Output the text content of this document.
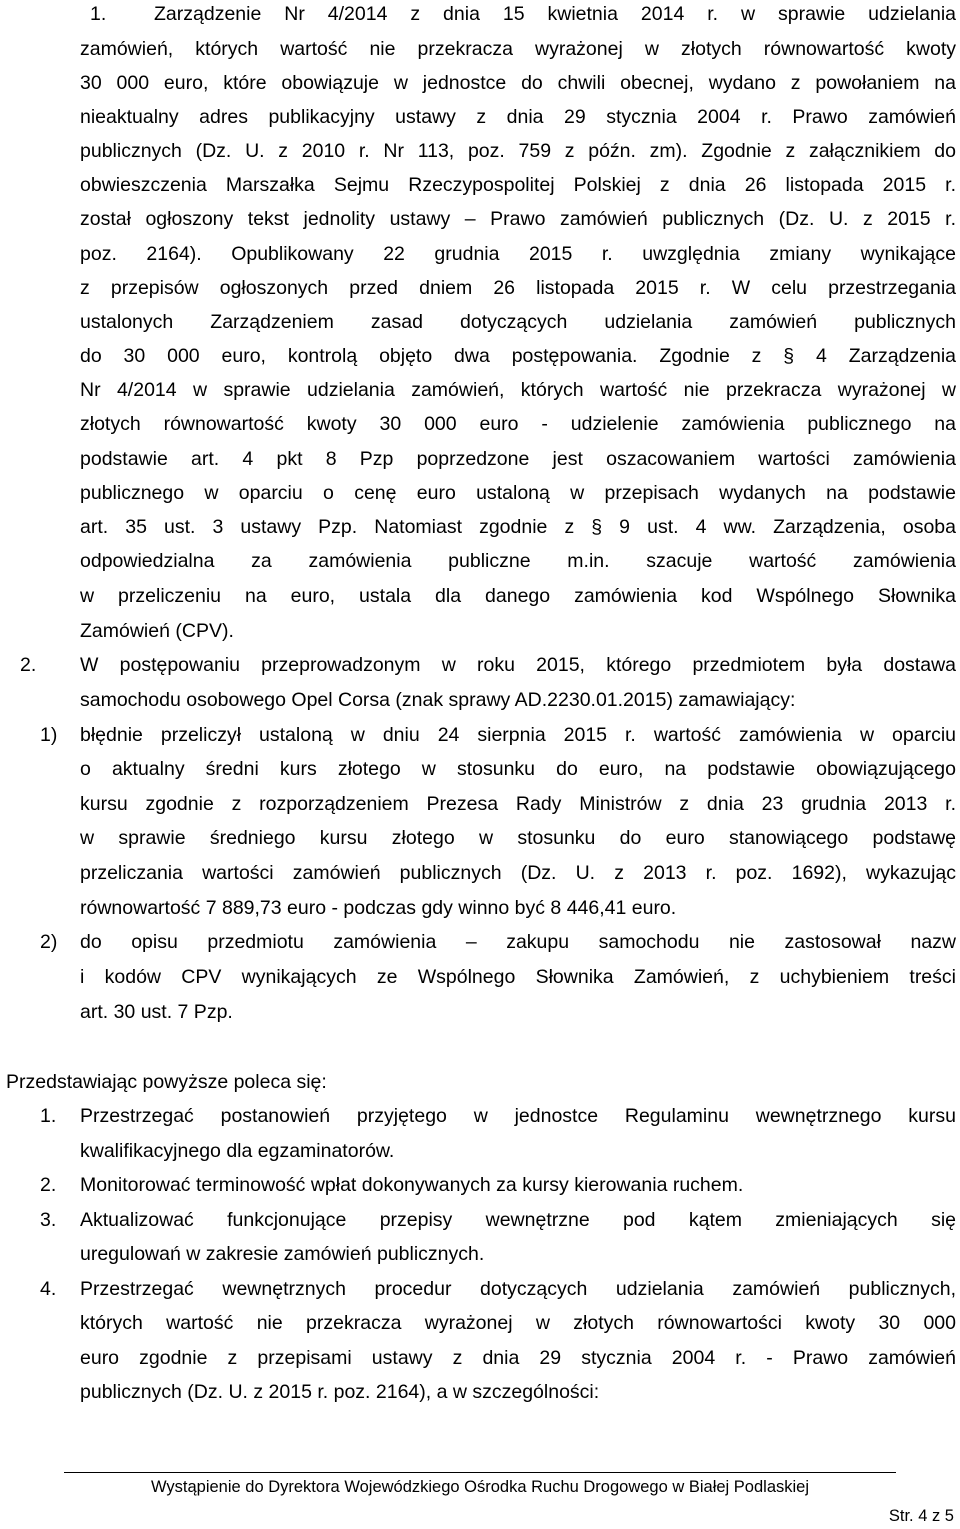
1. Zarządzenie Nr 4/2014 z dnia 15 kwietnia 2014 r. w sprawie udzielania
zamówień, których wartość nie przekracza wyrażonej w złotych równowartość kwoty
30 000 euro, które obowiązuje w jednostce do chwili obecnej, wydano z powołaniem na
nieaktualny adres publikacyjny ustawy z dnia 29 stycznia 2004 r. Prawo zamówień
publicznych (Dz. U. z 2010 r. Nr 113, poz. 759 z późn. zm). Zgodnie z załącznikiem do
obwieszczenia Marszałka Sejmu Rzeczypospolitej Polskiej z dnia 26 listopada 2015 r.
został ogłoszony tekst jednolity ustawy – Prawo zamówień publicznych (Dz. U. z 2015 r.
poz. 2164). Opublikowany 22 grudnia 2015 r. uwzględnia zmiany wynikające
z przepisów ogłoszonych przed dniem 26 listopada 2015 r. W celu przestrzegania
ustalonych Zarządzeniem zasad dotyczących udzielania zamówień publicznych
do 30 000 euro, kontrolą objęto dwa postępowania. Zgodnie z § 4 Zarządzenia
Nr 4/2014 w sprawie udzielania zamówień, których wartość nie przekracza wyrażonej w
złotych równowartość kwoty 30 000 euro - udzielenie zamówienia publicznego na
podstawie art. 4 pkt 8 Pzp poprzedzone jest oszacowaniem wartości zamówienia
publicznego w oparciu o cenę euro ustaloną w przepisach wydanych na podstawie
art. 35 ust. 3 ustawy Pzp. Natomiast zgodnie z § 9 ust. 4 ww. Zarządzenia, osoba
odpowiedzialna za zamówienia publiczne m.in. szacuje wartość zamówienia
w przeliczeniu na euro, ustala dla danego zamówienia kod Wspólnego Słownika
Zamówień (CPV).
2. W postępowaniu przeprowadzonym w roku 2015, którego przedmiotem była dostawa
samochodu osobowego Opel Corsa (znak sprawy AD.2230.01.2015) zamawiający:
1) błędnie przeliczył ustaloną w dniu 24 sierpnia 2015 r. wartość zamówienia w oparciu
o aktualny średni kurs złotego w stosunku do euro, na podstawie obowiązującego
kursu zgodnie z rozporządzeniem Prezesa Rady Ministrów z dnia 23 grudnia 2013 r.
w sprawie średniego kursu złotego w stosunku do euro stanowiącego podstawę
przeliczania wartości zamówień publicznych (Dz. U. z 2013 r. poz. 1692), wykazując
równowartość 7 889,73 euro - podczas gdy winno być 8 446,41 euro.
2) do opisu przedmiotu zamówienia – zakupu samochodu nie zastosował nazw
i kodów CPV wynikających ze Wspólnego Słownika Zamówień, z uchybieniem treści
art. 30 ust. 7 Pzp.
Przedstawiając powyższe poleca się:
1. Przestrzegać postanowień przyjętego w jednostce Regulaminu wewnętrznego kursu
kwalifikacyjnego dla egzaminatorów.
2. Monitorować terminowość wpłat dokonywanych za kursy kierowania ruchem.
3. Aktualizować funkcjonujące przepisy wewnętrzne pod kątem zmieniających się
uregulowań w zakresie zamówień publicznych.
4. Przestrzegać wewnętrznych procedur dotyczących udzielania zamówień publicznych,
których wartość nie przekracza wyrażonej w złotych równowartości kwoty 30 000
euro zgodnie z przepisami ustawy z dnia 29 stycznia 2004 r. - Prawo zamówień
publicznych (Dz. U. z 2015 r. poz. 2164), a w szczególności:
Wystąpienie do Dyrektora Wojewódzkiego Ośrodka Ruchu Drogowego w Białej Podlaskiej
Str. 4 z 5
